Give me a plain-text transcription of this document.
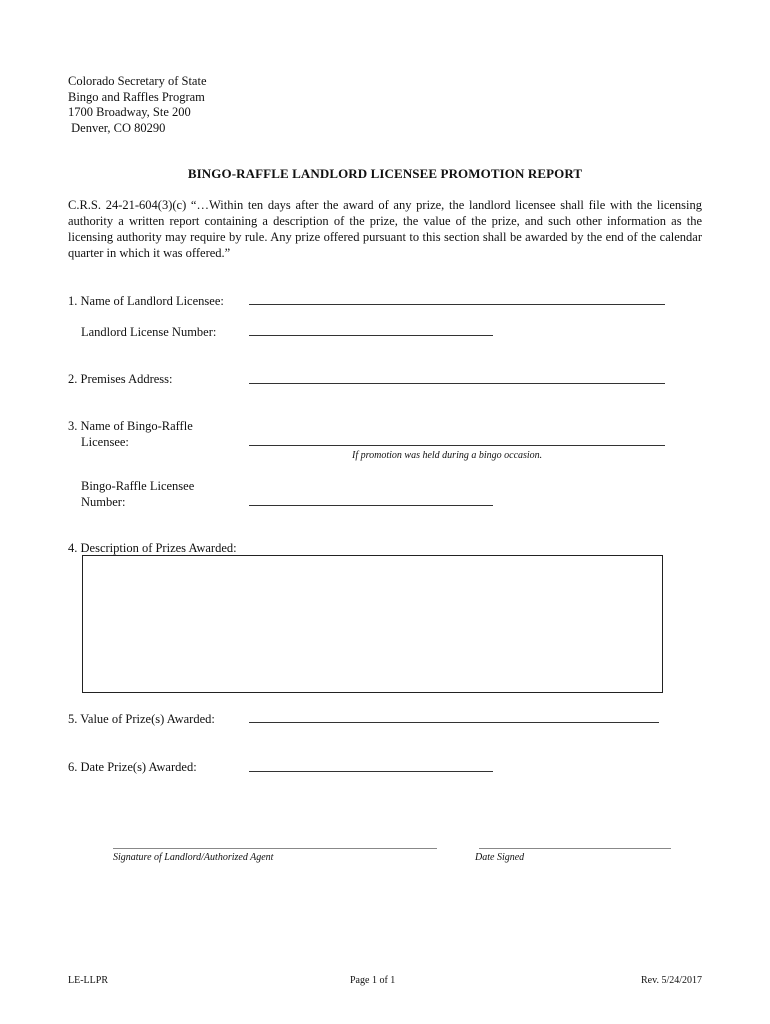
Colorado Secretary of State
Bingo and Raffles Program
1700 Broadway, Ste 200
Denver, CO 80290
BINGO-RAFFLE LANDLORD LICENSEE PROMOTION REPORT
C.R.S. 24-21-604(3)(c) “…Within ten days after the award of any prize, the landlord licensee shall file with the licensing authority a written report containing a description of the prize, the value of the prize, and such other information as the licensing authority may require by rule. Any prize offered pursuant to this section shall be awarded by the end of the calendar quarter in which it was offered.”
1. Name of Landlord Licensee:
Landlord License Number:
2. Premises Address:
3. Name of Bingo-Raffle
Licensee:
If promotion was held during a bingo occasion.
Bingo-Raffle Licensee
Number:
4. Description of Prizes Awarded:
5. Value of Prize(s) Awarded:
6. Date Prize(s) Awarded:
Signature of Landlord/Authorized Agent	Date Signed
LE-LLPR	Page 1 of 1	Rev. 5/24/2017
